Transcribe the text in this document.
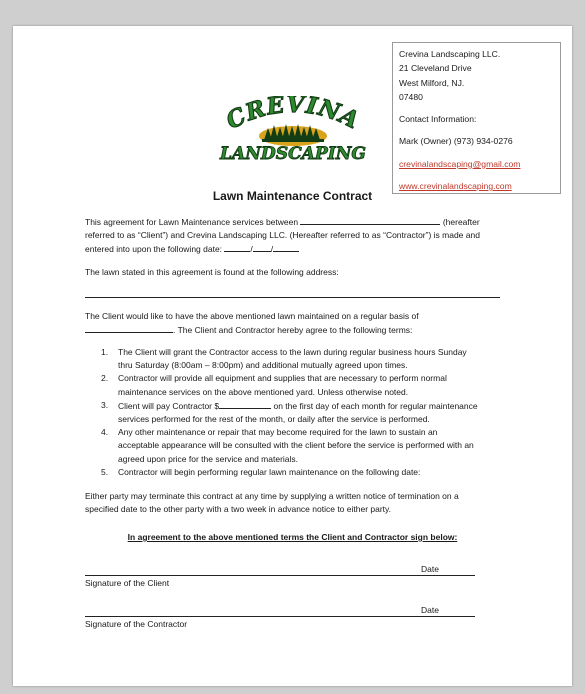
Crevina Landscaping LLC.
21 Cleveland Drive
West Milford, NJ.
07480
Contact Information:
Mark (Owner) (973) 934-0276
crevinalandscaping@gmail.com
www.crevinalandscaping.com
CREVINA
LANDSCAPING
Lawn Maintenance Contract
This agreement for Lawn Maintenance services between	(hereafter
referred to as “Client”) and Crevina Landscaping LLC. (Hereafter referred to as “Contractor”) is made and
entered into upon the following date:	/ /
The lawn stated in this agreement is found at the following address:
The Client would like to have the above mentioned lawn maintained on a regular basis of
. The Client and Contractor hereby agree to the following terms:
1. The Client will grant the Contractor access to the lawn during regular business hours Sunday
thru Saturday (8:00am – 8:00pm) and additional mutually agreed upon times.
2. Contractor will provide all equipment and supplies that are necessary to perform normal
maintenance services on the above mentioned yard. Unless otherwise noted.
3. Client will pay Contractor $	on the first day of each month for regular maintenance
services performed for the rest of the month, or daily after the service is performed.
4. Any other maintenance or repair that may become required for the lawn to sustain an
acceptable appearance will be consulted with the client before the service is performed with an
agreed upon price for the service and materials.
5. Contractor will begin performing regular lawn maintenance on the following date:
Either party may terminate this contract at any time by supplying a written notice of termination on a
specified date to the other party with a two week in advance notice to either party.
In agreement to the above mentioned terms the Client and Contractor sign below:
Date
Signature of the Client
Date
Signature of the Contractor
